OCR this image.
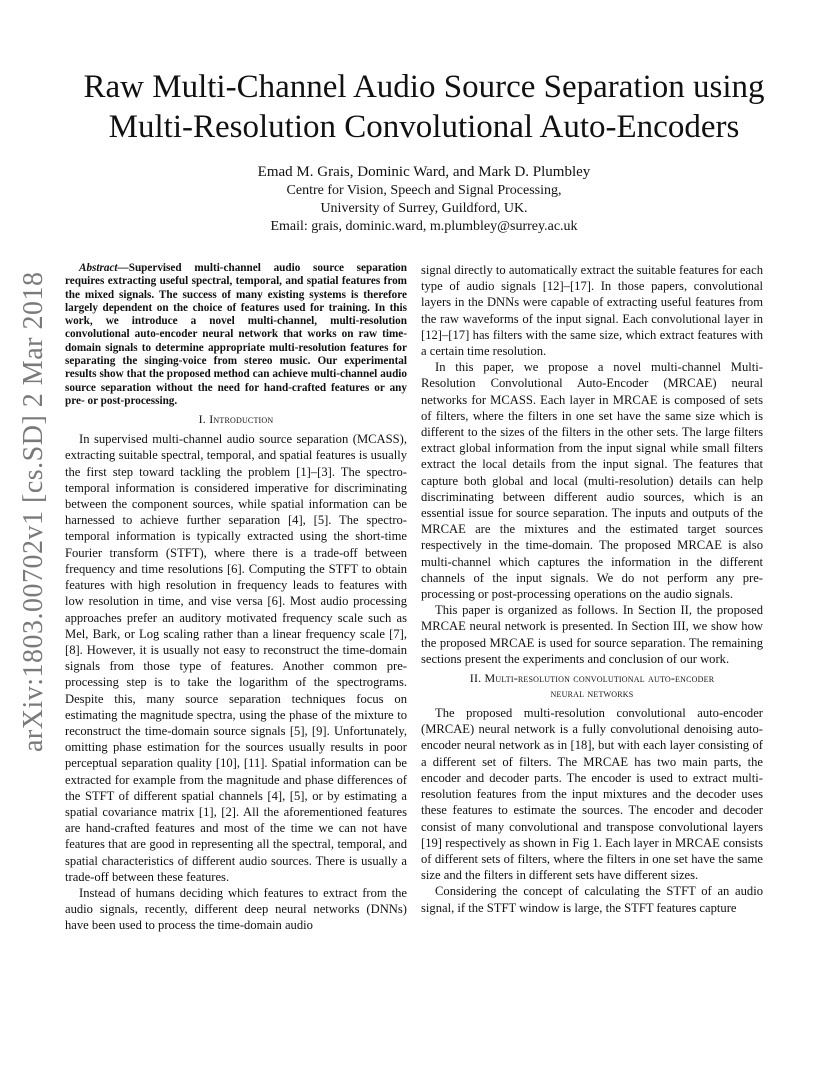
arXiv:1803.00702v1 [cs.SD] 2 Mar 2018
Raw Multi-Channel Audio Source Separation using
Multi-Resolution Convolutional Auto-Encoders
Emad M. Grais, Dominic Ward, and Mark D. Plumbley
Centre for Vision, Speech and Signal Processing,
University of Surrey, Guildford, UK.
Email: grais, dominic.ward, m.plumbley@surrey.ac.uk

Abstract—Supervised multi-channel audio source separation requires extracting useful spectral, temporal, and spatial features from the mixed signals. The success of many existing systems is therefore largely dependent on the choice of features used for training. In this work, we introduce a novel multi-channel, multi-resolution convolutional auto-encoder neural network that works on raw time-domain signals to determine appropriate multi-resolution features for separating the singing-voice from stereo music. Our experimental results show that the proposed method can achieve multi-channel audio source separation without the need for hand-crafted features or any pre- or post-processing.

I. Introduction

In supervised multi-channel audio source separation (MCASS), extracting suitable spectral, temporal, and spatial features is usually the first step toward tackling the problem [1]–[3]. The spectro-temporal information is considered imperative for discriminating between the component sources, while spatial information can be harnessed to achieve further separation [4], [5]. The spectro-temporal information is typically extracted using the short-time Fourier transform (STFT), where there is a trade-off between frequency and time resolutions [6]. Computing the STFT to obtain features with high resolution in frequency leads to features with low resolution in time, and vise versa [6]. Most audio processing approaches prefer an auditory motivated frequency scale such as Mel, Bark, or Log scaling rather than a linear frequency scale [7], [8]. However, it is usually not easy to reconstruct the time-domain signals from those type of features. Another common pre-processing step is to take the logarithm of the spectrograms. Despite this, many source separation techniques focus on estimating the magnitude spectra, using the phase of the mixture to reconstruct the time-domain source signals [5], [9]. Unfortunately, omitting phase estimation for the sources usually results in poor perceptual separation quality [10], [11]. Spatial information can be extracted for example from the magnitude and phase differences of the STFT of different spatial channels [4], [5], or by estimating a spatial covariance matrix [1], [2]. All the aforementioned features are hand-crafted features and most of the time we can not have features that are good in representing all the spectral, temporal, and spatial characteristics of different audio sources. There is usually a trade-off between these features.

Instead of humans deciding which features to extract from the audio signals, recently, different deep neural networks (DNNs) have been used to process the time-domain audio

signal directly to automatically extract the suitable features for each type of audio signals [12]–[17]. In those papers, convolutional layers in the DNNs were capable of extracting useful features from the raw waveforms of the input signal. Each convolutional layer in [12]–[17] has filters with the same size, which extract features with a certain time resolution.

In this paper, we propose a novel multi-channel Multi-Resolution Convolutional Auto-Encoder (MRCAE) neural networks for MCASS. Each layer in MRCAE is composed of sets of filters, where the filters in one set have the same size which is different to the sizes of the filters in the other sets. The large filters extract global information from the input signal while small filters extract the local details from the input signal. The features that capture both global and local (multi-resolution) details can help discriminating between different audio sources, which is an essential issue for source separation. The inputs and outputs of the MRCAE are the mixtures and the estimated target sources respectively in the time-domain. The proposed MRCAE is also multi-channel which captures the information in the different channels of the input signals. We do not perform any pre-processing or post-processing operations on the audio signals.

This paper is organized as follows. In Section II, the proposed MRCAE neural network is presented. In Section III, we show how the proposed MRCAE is used for source separation. The remaining sections present the experiments and conclusion of our work.

II. Multi-resolution convolutional auto-encoder
neural networks

The proposed multi-resolution convolutional auto-encoder (MRCAE) neural network is a fully convolutional denoising auto-encoder neural network as in [18], but with each layer consisting of a different set of filters. The MRCAE has two main parts, the encoder and decoder parts. The encoder is used to extract multi-resolution features from the input mixtures and the decoder uses these features to estimate the sources. The encoder and decoder consist of many convolutional and transpose convolutional layers [19] respectively as shown in Fig 1. Each layer in MRCAE consists of different sets of filters, where the filters in one set have the same size and the filters in different sets have different sizes.

Considering the concept of calculating the STFT of an audio signal, if the STFT window is large, the STFT features capture
